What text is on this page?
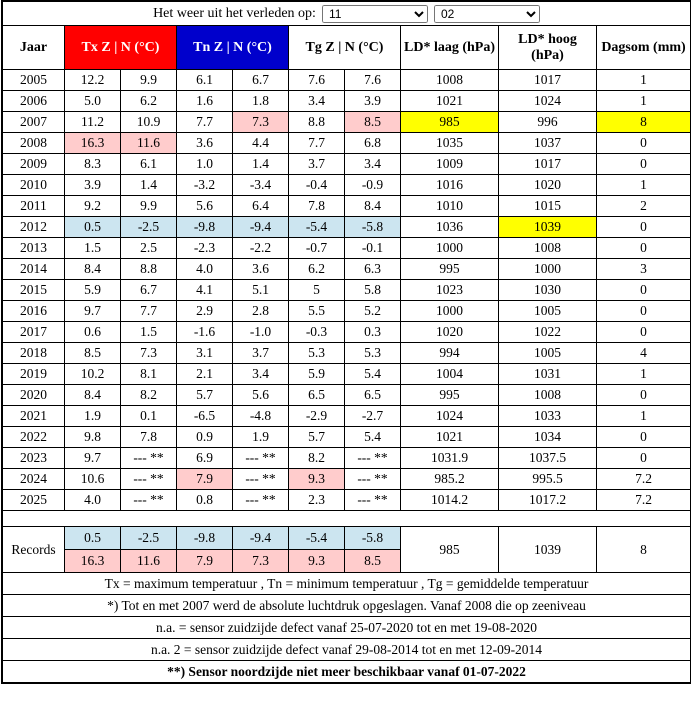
Het weer uit het verleden op:
11
02

Jaar	Tx Z | N (°C)		Tn Z | N (°C)		Tg Z | N (°C)		LD* laag (hPa)	LD* hoog (hPa)	Dagsom (mm)
2005	12.2	9.9	6.1	6.7	7.6	7.6	1008	1017	1
2006	5.0	6.2	1.6	1.8	3.4	3.9	1021	1024	1
2007	11.2	10.9	7.7	7.3	8.8	8.5	985	996	8
2008	16.3	11.6	3.6	4.4	7.7	6.8	1035	1037	0
2009	8.3	6.1	1.0	1.4	3.7	3.4	1009	1017	0
2010	3.9	1.4	-3.2	-3.4	-0.4	-0.9	1016	1020	1
2011	9.2	9.9	5.6	6.4	7.8	8.4	1010	1015	2
2012	0.5	-2.5	-9.8	-9.4	-5.4	-5.8	1036	1039	0
2013	1.5	2.5	-2.3	-2.2	-0.7	-0.1	1000	1008	0
2014	8.4	8.8	4.0	3.6	6.2	6.3	995	1000	3
2015	5.9	6.7	4.1	5.1	5	5.8	1023	1030	0
2016	9.7	7.7	2.9	2.8	5.5	5.2	1000	1005	0
2017	0.6	1.5	-1.6	-1.0	-0.3	0.3	1020	1022	0
2018	8.5	7.3	3.1	3.7	5.3	5.3	994	1005	4
2019	10.2	8.1	2.1	3.4	5.9	5.4	1004	1031	1
2020	8.4	8.2	5.7	5.6	6.5	6.5	995	1008	0
2021	1.9	0.1	-6.5	-4.8	-2.9	-2.7	1024	1033	1
2022	9.8	7.8	0.9	1.9	5.7	5.4	1021	1034	0
2023	9.7	--- **	6.9	--- **	8.2	--- **	1031.9	1037.5	0
2024	10.6	--- **	7.9	--- **	9.3	--- **	985.2	995.5	7.2
2025	4.0	--- **	0.8	--- **	2.3	--- **	1014.2	1017.2	7.2

Records	0.5	-2.5	-9.8	-9.4	-5.4	-5.8	985	1039	8
	16.3	11.6	7.9	7.3	9.3	8.5			
Tx = maximum temperatuur , Tn = minimum temperatuur , Tg = gemiddelde temperatuur									
*) Tot en met 2007 werd de absolute luchtdruk opgeslagen. Vanaf 2008 die op zeeniveau									
n.a. = sensor zuidzijde defect vanaf 25-07-2020 tot en met 19-08-2020									
n.a. 2 = sensor zuidzijde defect vanaf 29-08-2014 tot en met 12-09-2014									
**) Sensor noordzijde niet meer beschikbaar vanaf 01-07-2022									
